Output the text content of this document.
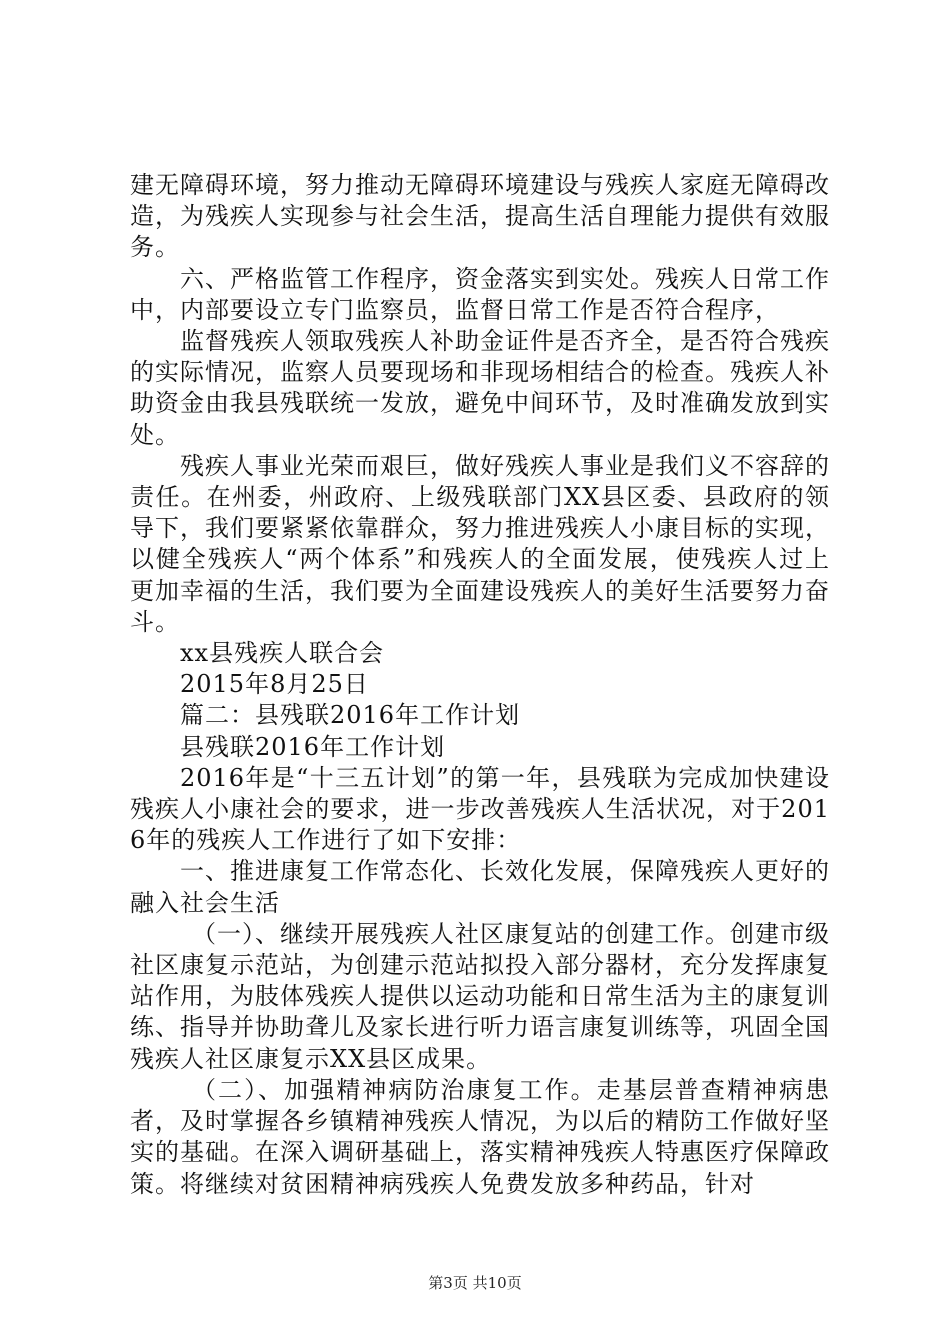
建无障碍环境，努力推动无障碍环境建设与残疾人家庭无障碍改造，为残疾人实现参与社会生活，提高生活自理能力提供有效服务。

六、严格监管工作程序，资金落实到实处。残疾人日常工作中，内部要设立专门监察员，监督日常工作是否符合程序，

监督残疾人领取残疾人补助金证件是否齐全，是否符合残疾的实际情况，监察人员要现场和非现场相结合的检查。残疾人补助资金由我县残联统一发放，避免中间环节，及时准确发放到实处。

残疾人事业光荣而艰巨，做好残疾人事业是我们义不容辞的责任。在州委，州政府、上级残联部门XX县区委、县政府的领导下，我们要紧紧依靠群众，努力推进残疾人小康目标的实现，以健全残疾人“两个体系”和残疾人的全面发展，使残疾人过上更加幸福的生活，我们要为全面建设残疾人的美好生活要努力奋斗。

xx县残疾人联合会

2015年8月25日

篇二：县残联2016年工作计划

县残联2016年工作计划

2016年是“十三五计划”的第一年，县残联为完成加快建设残疾人小康社会的要求，进一步改善残疾人生活状况，对于2016年的残疾人工作进行了如下安排：

一、推进康复工作常态化、长效化发展，保障残疾人更好的融入社会生活

（一）、继续开展残疾人社区康复站的创建工作。创建市级社区康复示范站，为创建示范站拟投入部分器材，充分发挥康复站作用，为肢体残疾人提供以运动功能和日常生活为主的康复训练、指导并协助聋儿及家长进行听力语言康复训练等，巩固全国残疾人社区康复示XX县区成果。

（二）、加强精神病防治康复工作。走基层普查精神病患者，及时掌握各乡镇精神残疾人情况，为以后的精防工作做好坚实的基础。在深入调研基础上，落实精神残疾人特惠医疗保障政策。将继续对贫困精神病残疾人免费发放多种药品，针对

第3页 共10页
